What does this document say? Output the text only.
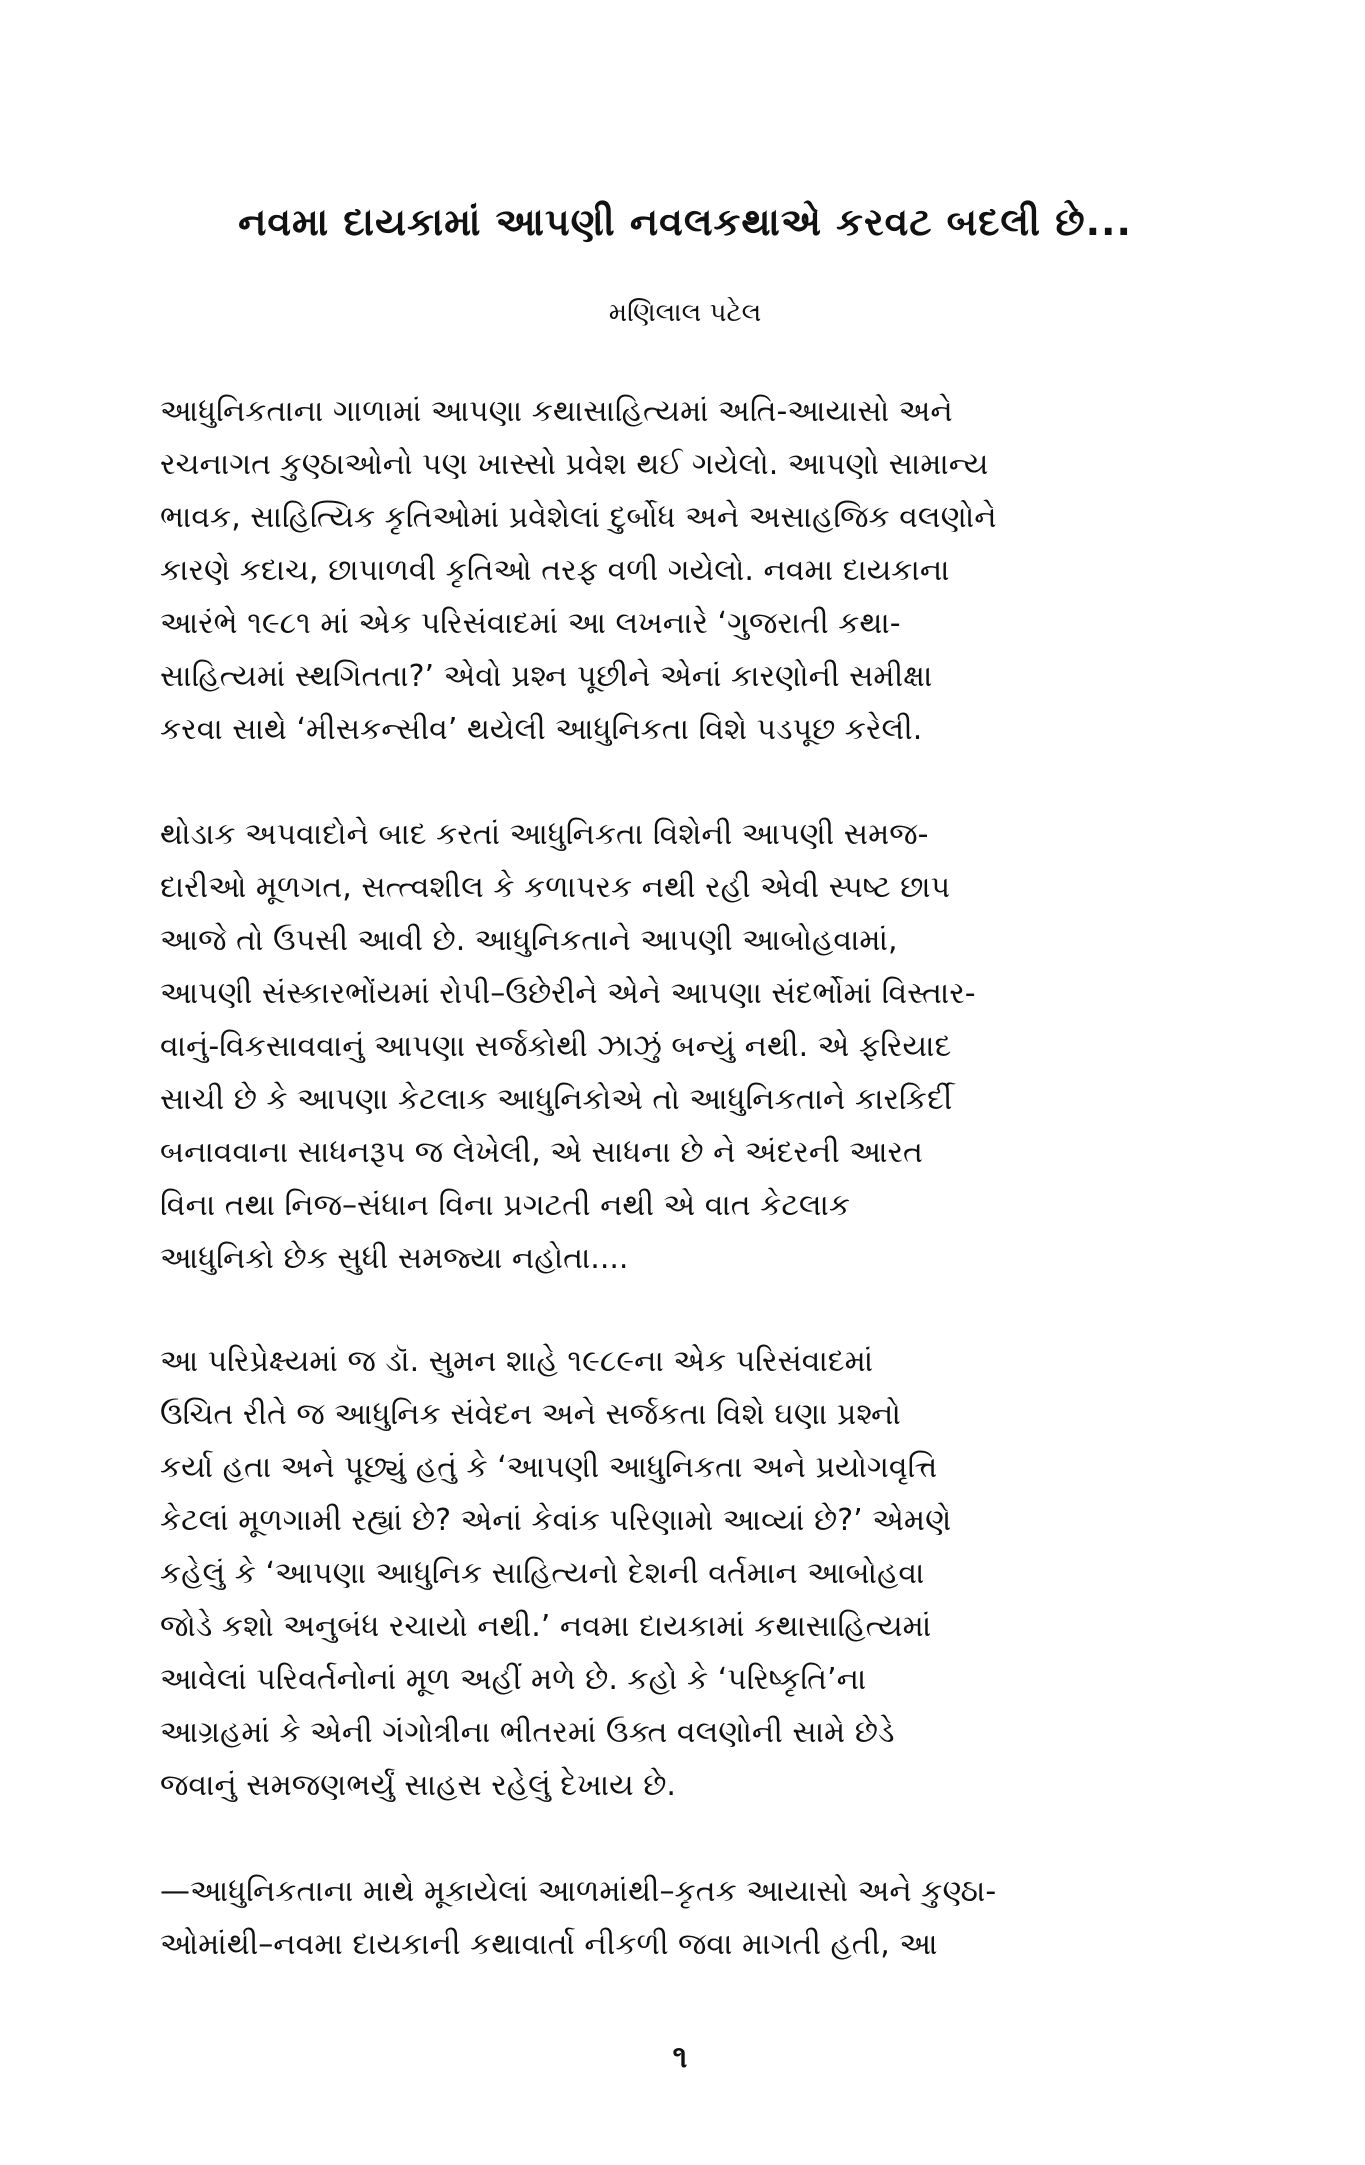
નવમા દાયકામાં આપણી નવલકથાએ કરવટ બદલી છે...
મણિલાલ પટેલ

આધુનિકતાના ગાળામાં આપણા કથાસાહિત્યમાં અતિ-આયાસો અને
રચનાગત કુણ્ઠાઓનો પણ ખાસ્સો પ્રવેશ થઈ ગયેલો. આપણો સામાન્ય
ભાવક, સાહિત્યિક કૃતિઓમાં પ્રવેશેલાં દુર્બોધ અને અસાહજિક વલણોને
કારણે કદાચ, છાપાળવી કૃતિઓ તરફ વળી ગયેલો. નવમા દાયકાના
આરંભે ૧૯૮૧ માં એક પરિસંવાદમાં આ લખનારે ‘ગુજરાતી કથા-
સાહિત્યમાં સ્થગિતતા?’ એવો પ્રશ્ન પૂછીને એનાં કારણોની સમીક્ષા
કરવા સાથે ‘મીસકન્સીવ’ થયેલી આધુનિકતા વિશે પડપૂછ કરેલી.

થોડાક અપવાદોને બાદ કરતાં આધુનિકતા વિશેની આપણી સમજ-
દારીઓ મૂળગત, સત્ત્વશીલ કે કળાપરક નથી રહી એવી સ્પષ્ટ છાપ
આજે તો ઉપસી આવી છે. આધુનિકતાને આપણી આબોહવામાં,
આપણી સંસ્કારભોંયમાં રોપી–ઉછેરીને એને આપણા સંદર્ભોમાં વિસ્તાર-
વાનું-વિકસાવવાનું આપણા સર્જકોથી ઝાઝું બન્યું નથી. એ ફરિયાદ
સાચી છે કે આપણા કેટલાક આધુનિકોએ તો આધુનિકતાને કારકિર્દી
બનાવવાના સાધનરૂપ જ લેખેલી, એ સાધના છે ને અંદરની આરત
વિના તથા નિજ–સંધાન વિના પ્રગટતી નથી એ વાત કેટલાક
આધુનિકો છેક સુધી સમજ્યા નહોતા....

આ પરિપ્રેક્ષ્યમાં જ ડૉ. સુમન શાહે ૧૯૮૯ના એક પરિસંવાદમાં
ઉચિત રીતે જ આધુનિક સંવેદન અને સર્જકતા વિશે ઘણા પ્રશ્નો
કર્યા હતા અને પૂછ્યું હતું કે ‘આપણી આધુનિકતા અને પ્રયોગવૃત્તિ
કેટલાં મૂળગામી રહ્યાં છે? એનાં કેવાંક પરિણામો આવ્યાં છે?’ એમણે
કહેલું કે ‘આપણા આધુનિક સાહિત્યનો દેશની વર્તમાન આબોહવા
જોડે કશો અનુબંધ રચાયો નથી.’ નવમા દાયકામાં કથાસાહિત્યમાં
આવેલાં પરિવર્તનોનાં મૂળ અહીં મળે છે. કહો કે ‘પરિષ્કૃતિ’ના
આગ્રહમાં કે એની ગંગોત્રીના ભીતરમાં ઉક્ત વલણોની સામે છેડે
જવાનું સમજણભર્યું સાહસ રહેલું દેખાય છે.

—આધુનિકતાના માથે મૂકાયેલાં આળમાંથી–કૃતક આયાસો અને કુણ્ઠા-
ઓમાંથી–નવમા દાયકાની કથાવાર્તા નીકળી જવા માગતી હતી, આ

૧
